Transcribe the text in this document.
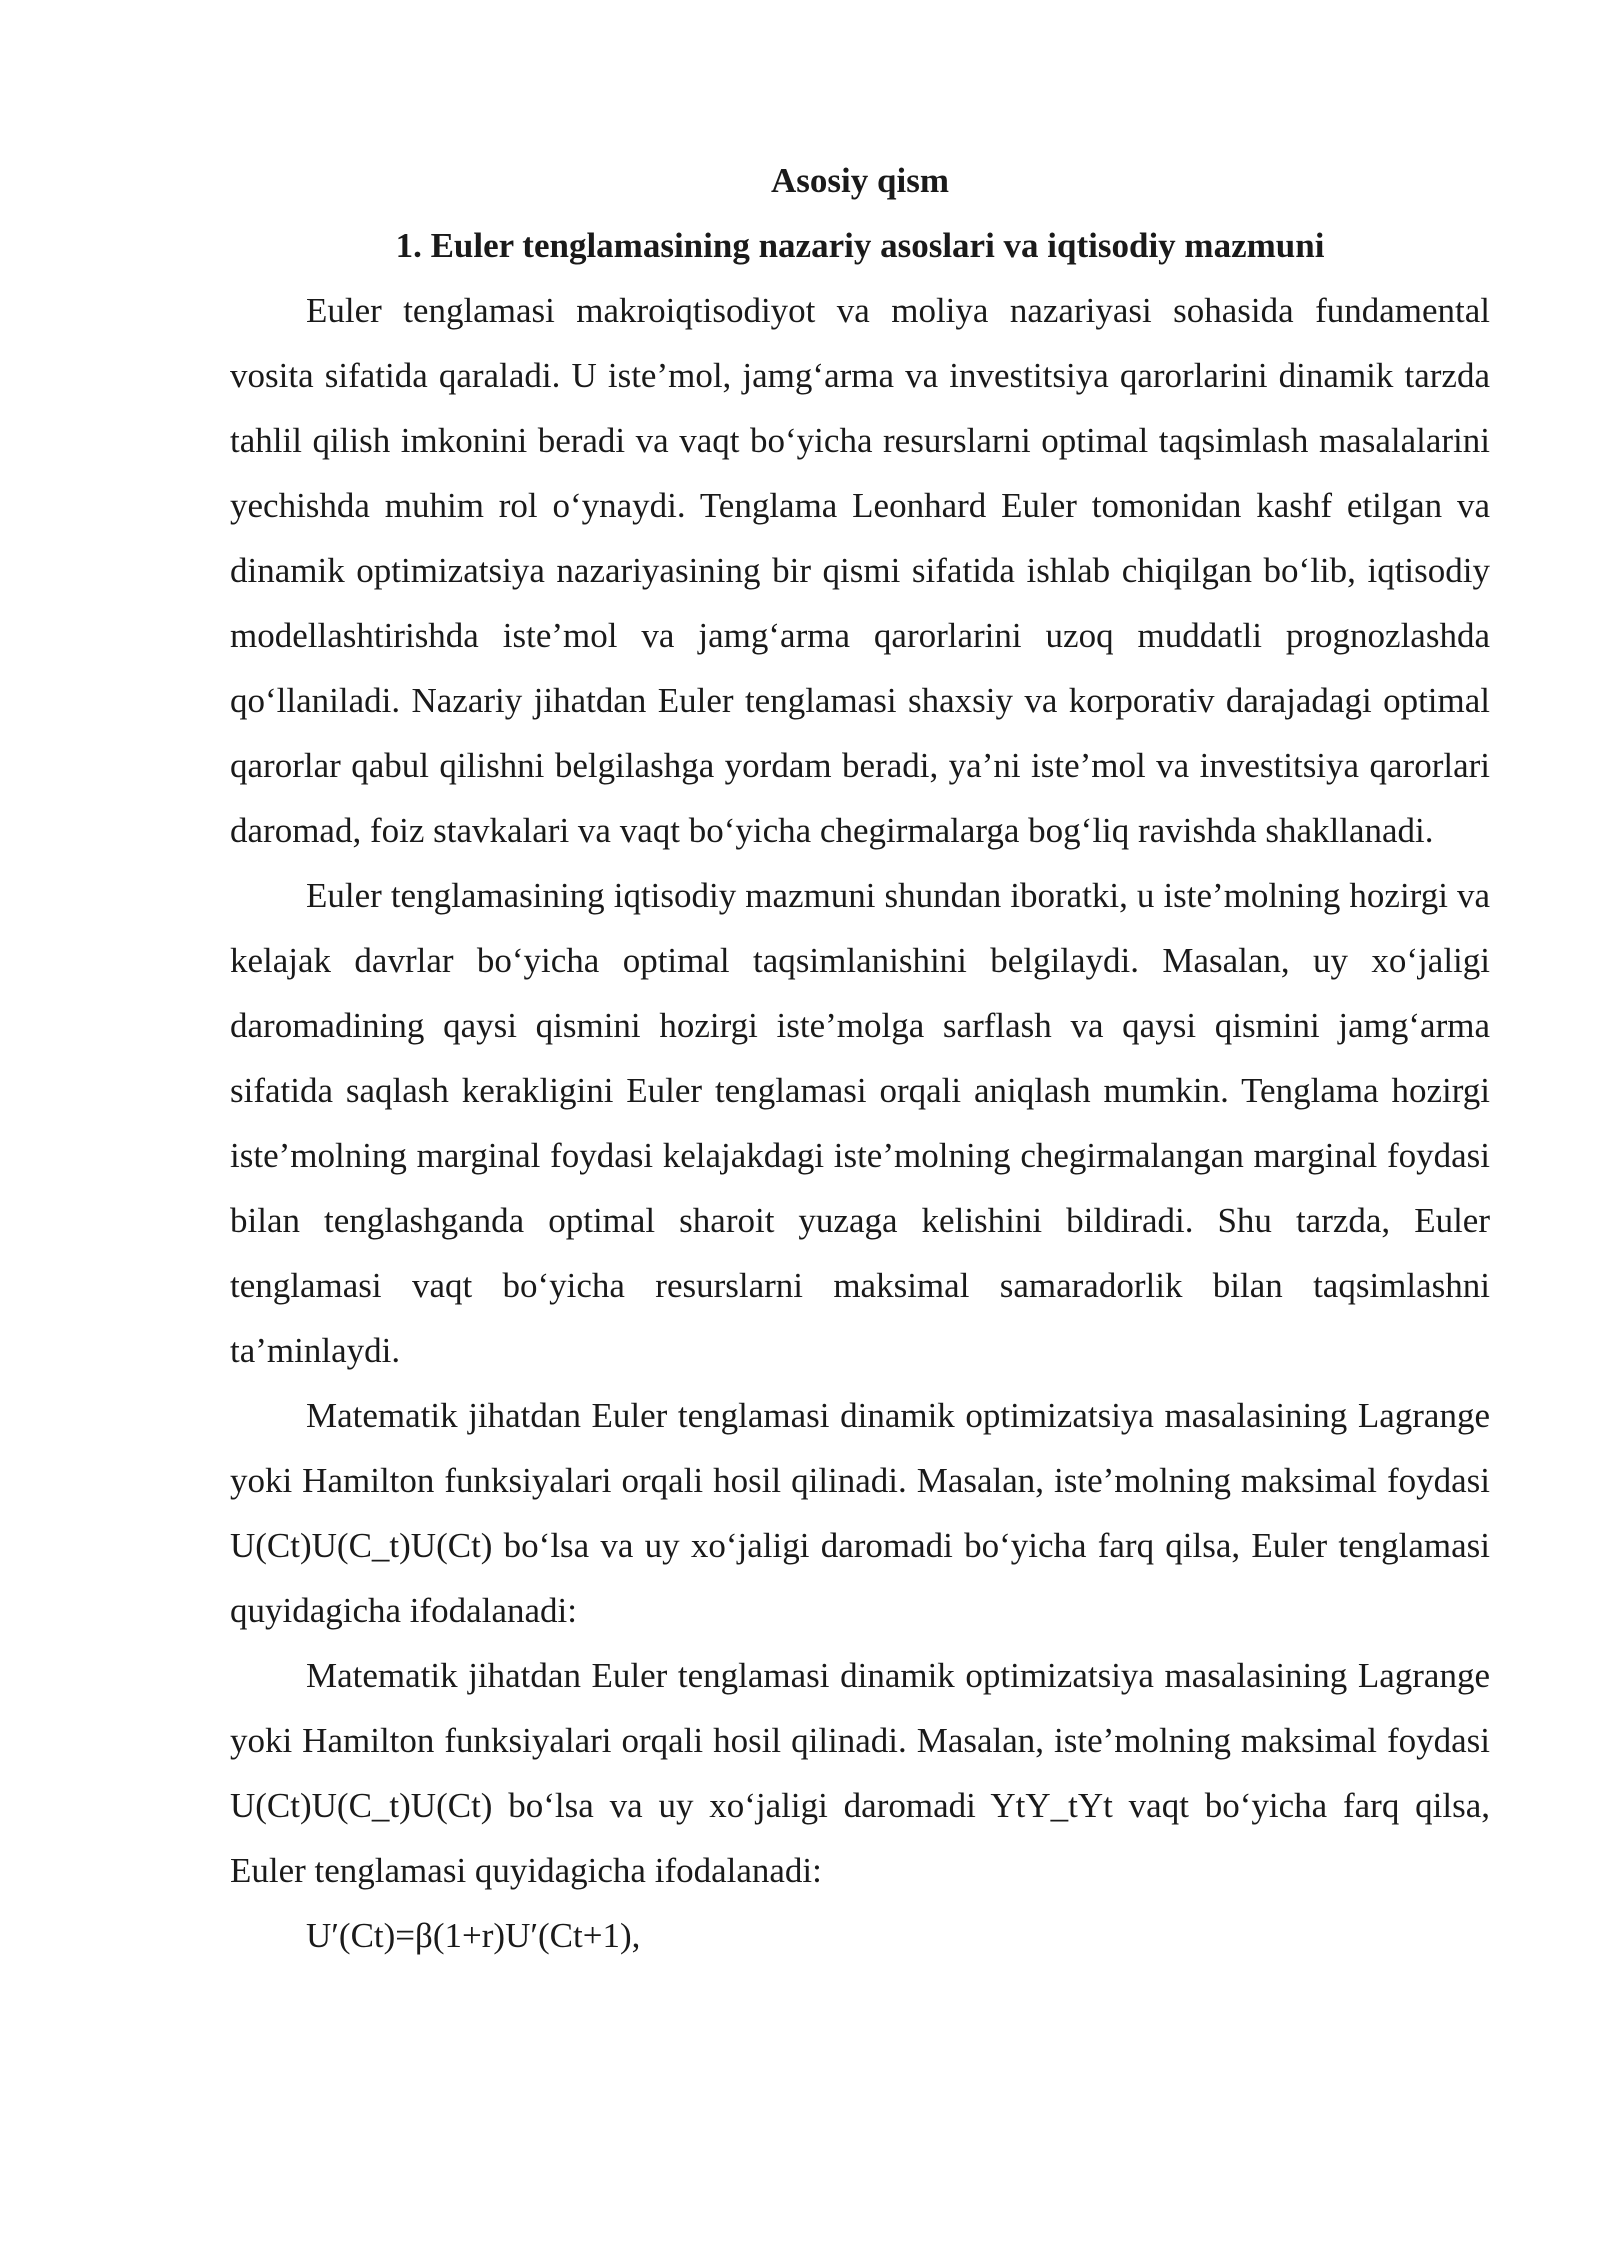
Asosiy qism
1. Euler tenglamasining nazariy asoslari va iqtisodiy mazmuni

Euler tenglamasi makroiqtisodiyot va moliya nazariyasi sohasida fundamental vosita sifatida qaraladi. U iste’mol, jamg‘arma va investitsiya qarorlarini dinamik tarzda tahlil qilish imkonini beradi va vaqt bo‘yicha resurslarni optimal taqsimlash masalalarini yechishda muhim rol o‘ynaydi. Tenglama Leonhard Euler tomonidan kashf etilgan va dinamik optimizatsiya nazariyasining bir qismi sifatida ishlab chiqilgan bo‘lib, iqtisodiy modellashtirishda iste’mol va jamg‘arma qarorlarini uzoq muddatli prognozlashda qo‘llaniladi. Nazariy jihatdan Euler tenglamasi shaxsiy va korporativ darajadagi optimal qarorlar qabul qilishni belgilashga yordam beradi, ya’ni iste’mol va investitsiya qarorlari daromad, foiz stavkalari va vaqt bo‘yicha chegirmalarga bog‘liq ravishda shakllanadi.

Euler tenglamasining iqtisodiy mazmuni shundan iboratki, u iste’molning hozirgi va kelajak davrlar bo‘yicha optimal taqsimlanishini belgilaydi. Masalan, uy xo‘jaligi daromadining qaysi qismini hozirgi iste’molga sarflash va qaysi qismini jamg‘arma sifatida saqlash kerakligini Euler tenglamasi orqali aniqlash mumkin. Tenglama hozirgi iste’molning marginal foydasi kelajakdagi iste’molning chegirmalangan marginal foydasi bilan tenglashganda optimal sharoit yuzaga kelishini bildiradi. Shu tarzda, Euler tenglamasi vaqt bo‘yicha resurslarni maksimal samaradorlik bilan taqsimlashni ta’minlaydi.

Matematik jihatdan Euler tenglamasi dinamik optimizatsiya masalasining Lagrange yoki Hamilton funksiyalari orqali hosil qilinadi. Masalan, iste’molning maksimal foydasi U(Ct)U(C_t)U(Ct) bo‘lsa va uy xo‘jaligi daromadi bo‘yicha farq qilsa, Euler tenglamasi quyidagicha ifodalanadi:

Matematik jihatdan Euler tenglamasi dinamik optimizatsiya masalasining Lagrange yoki Hamilton funksiyalari orqali hosil qilinadi. Masalan, iste’molning maksimal foydasi U(Ct)U(C_t)U(Ct) bo‘lsa va uy xo‘jaligi daromadi YtY_tYt vaqt bo‘yicha farq qilsa, Euler tenglamasi quyidagicha ifodalanadi:

U′(Ct)=β(1+r)U′(Ct+1),
